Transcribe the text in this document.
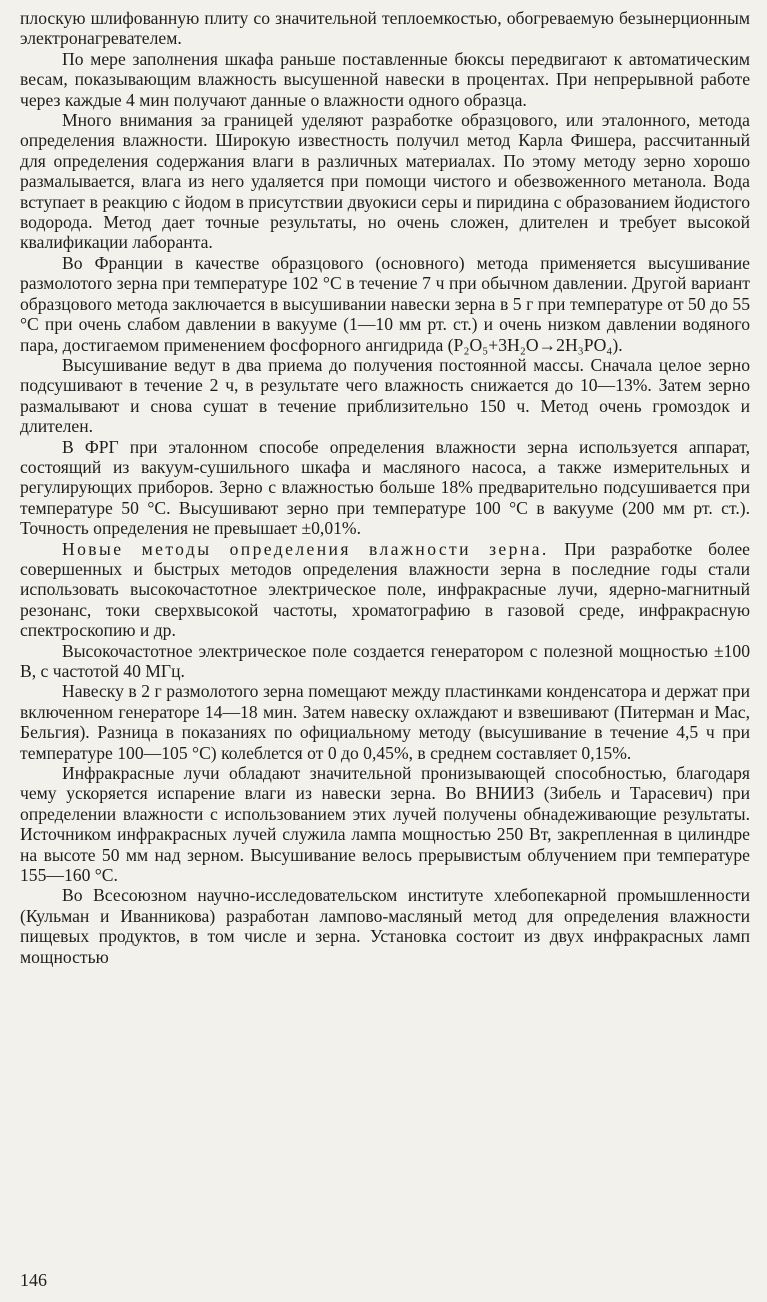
плоскую шлифованную плиту со значительной теплоемкостью, обогреваемую безынерционным электронагревателем.

По мере заполнения шкафа раньше поставленные бюксы передвигают к автоматическим весам, показывающим влажность высушенной навески в процентах. При непрерывной работе через каждые 4 мин получают данные о влажности одного образца.

Много внимания за границей уделяют разработке образцового, или эталонного, метода определения влажности. Широкую известность получил метод Карла Фишера, рассчитанный для определения содержания влаги в различных материалах. По этому методу зерно хорошо размалывается, влага из него удаляется при помощи чистого и обезвоженного метанола. Вода вступает в реакцию с йодом в присутствии двуокиси серы и пиридина с образованием йодистого водорода. Метод дает точные результаты, но очень сложен, длителен и требует высокой квалификации лаборанта.

Во Франции в качестве образцового (основного) метода применяется высушивание размолотого зерна при температуре 102 °С в течение 7 ч при обычном давлении. Другой вариант образцового метода заключается в высушивании навески зерна в 5 г при температуре от 50 до 55 °С при очень слабом давлении в вакууме (1—10 мм рт. ст.) и очень низком давлении водяного пара, достигаемом применением фосфорного ангидрида (P₂O₅+3H₂O→2H₃PO₄).

Высушивание ведут в два приема до получения постоянной массы. Сначала целое зерно подсушивают в течение 2 ч, в результате чего влажность снижается до 10—13%. Затем зерно размалывают и снова сушат в течение приблизительно 150 ч. Метод очень громоздок и длителен.

В ФРГ при эталонном способе определения влажности зерна используется аппарат, состоящий из вакуум-сушильного шкафа и масляного насоса, а также измерительных и регулирующих приборов. Зерно с влажностью больше 18% предварительно подсушивается при температуре 50 °С. Высушивают зерно при температуре 100 °С в вакууме (200 мм рт. ст.). Точность определения не превышает ±0,01%.

Новые методы определения влажности зерна. При разработке более совершенных и быстрых методов определения влажности зерна в последние годы стали использовать высокочастотное электрическое поле, инфракрасные лучи, ядерно-магнитный резонанс, токи сверхвысокой частоты, хроматографию в газовой среде, инфракрасную спектроскопию и др.

Высокочастотное электрическое поле создается генератором с полезной мощностью ±100 В, с частотой 40 МГц.

Навеску в 2 г размолотого зерна помещают между пластинками конденсатора и держат при включенном генераторе 14—18 мин. Затем навеску охлаждают и взвешивают (Питерман и Мас, Бельгия). Разница в показаниях по официальному методу (высушивание в течение 4,5 ч при температуре 100—105 °С) колеблется от 0 до 0,45%, в среднем составляет 0,15%.

Инфракрасные лучи обладают значительной пронизывающей способностью, благодаря чему ускоряется испарение влаги из навески зерна. Во ВНИИЗ (Зибель и Тарасевич) при определении влажности с использованием этих лучей получены обнадеживающие результаты. Источником инфракрасных лучей служила лампа мощностью 250 Вт, закрепленная в цилиндре на высоте 50 мм над зерном. Высушивание велось прерывистым облучением при температуре 155—160 °С.

Во Всесоюзном научно-исследовательском институте хлебопекарной промышленности (Кульман и Иванникова) разработан лампово-масляный метод для определения влажности пищевых продуктов, в том числе и зерна. Установка состоит из двух инфракрасных ламп мощностью

146
